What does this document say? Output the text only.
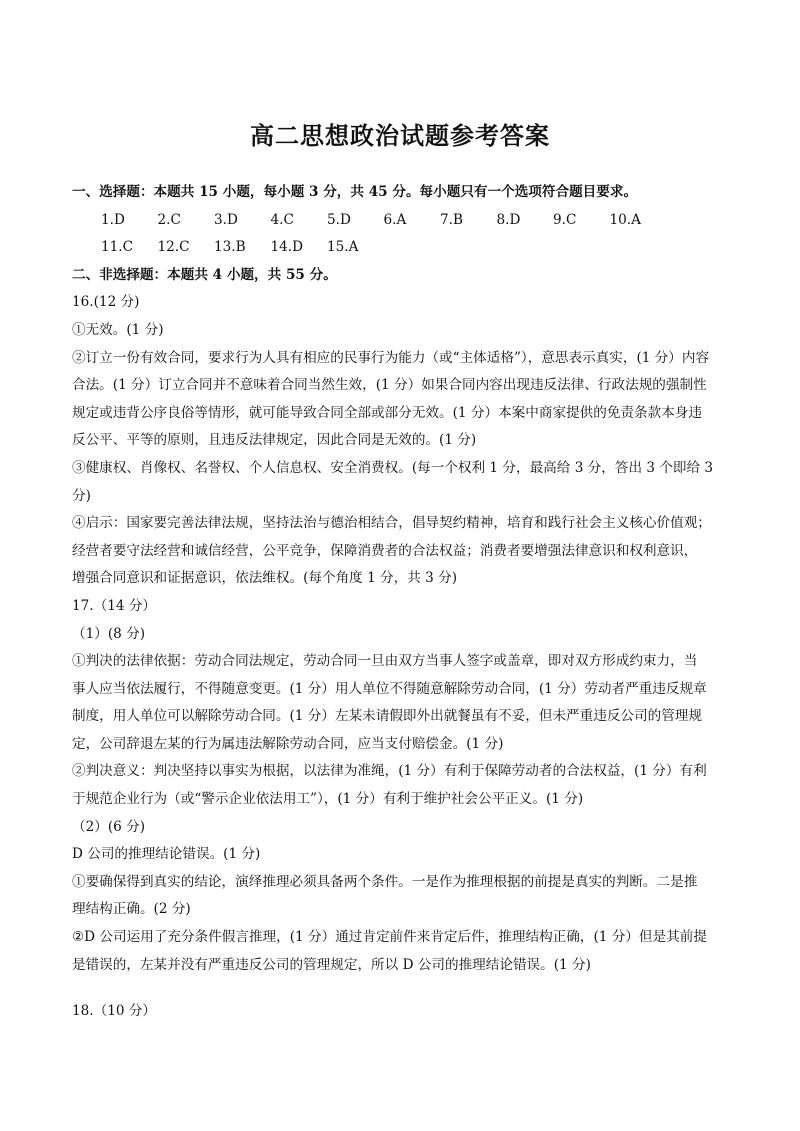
高二思想政治试题参考答案
一、选择题：本题共 15 小题，每小题 3 分，共 45 分。每小题只有一个选项符合题目要求。
1.D 2.C 3.D 4.C 5.D 6.A 7.B 8.D 9.C 10.A
11.C 12.C 13.B 14.D 15.A
二、非选择题：本题共 4 小题，共 55 分。
16.(12 分)
①无效。(1 分)
②订立一份有效合同，要求行为人具有相应的民事行为能力（或“主体适格”），意思表示真实，(1 分）内容
合法。(1 分）订立合同并不意味着合同当然生效，(1 分）如果合同内容出现违反法律、行政法规的强制性
规定或违背公序良俗等情形，就可能导致合同全部或部分无效。(1 分）本案中商家提供的免责条款本身违
反公平、平等的原则，且违反法律规定，因此合同是无效的。(1 分)
③健康权、肖像权、名誉权、个人信息权、安全消费权。(每一个权利 1 分，最高给 3 分，答出 3 个即给 3
分)
④启示：国家要完善法律法规，坚持法治与德治相结合，倡导契约精神，培育和践行社会主义核心价值观；
经营者要守法经营和诚信经营，公平竞争，保障消费者的合法权益；消费者要增强法律意识和权利意识，
增强合同意识和证据意识，依法维权。(每个角度 1 分，共 3 分)
17.（14 分）
（1）(8 分)
①判决的法律依据：劳动合同法规定，劳动合同一旦由双方当事人签字或盖章，即对双方形成约束力，当
事人应当依法履行，不得随意变更。(1 分）用人单位不得随意解除劳动合同，(1 分）劳动者严重违反规章
制度，用人单位可以解除劳动合同。(1 分）左某未请假即外出就餐虽有不妥，但未严重违反公司的管理规
定，公司辞退左某的行为属违法解除劳动合同，应当支付赔偿金。(1 分)
②判决意义：判决坚持以事实为根据，以法律为准绳，(1 分）有利于保障劳动者的合法权益，(1 分）有利
于规范企业行为（或“警示企业依法用工”），(1 分）有利于维护社会公平正义。(1 分)
（2）(6 分)
D 公司的推理结论错误。(1 分)
①要确保得到真实的结论，演绎推理必须具备两个条件。一是作为推理根据的前提是真实的判断。二是推
理结构正确。(2 分)
②D 公司运用了充分条件假言推理，(1 分）通过肯定前件来肯定后件，推理结构正确，(1 分）但是其前提
是错误的，左某并没有严重违反公司的管理规定，所以 D 公司的推理结论错误。(1 分)
18.（10 分）
